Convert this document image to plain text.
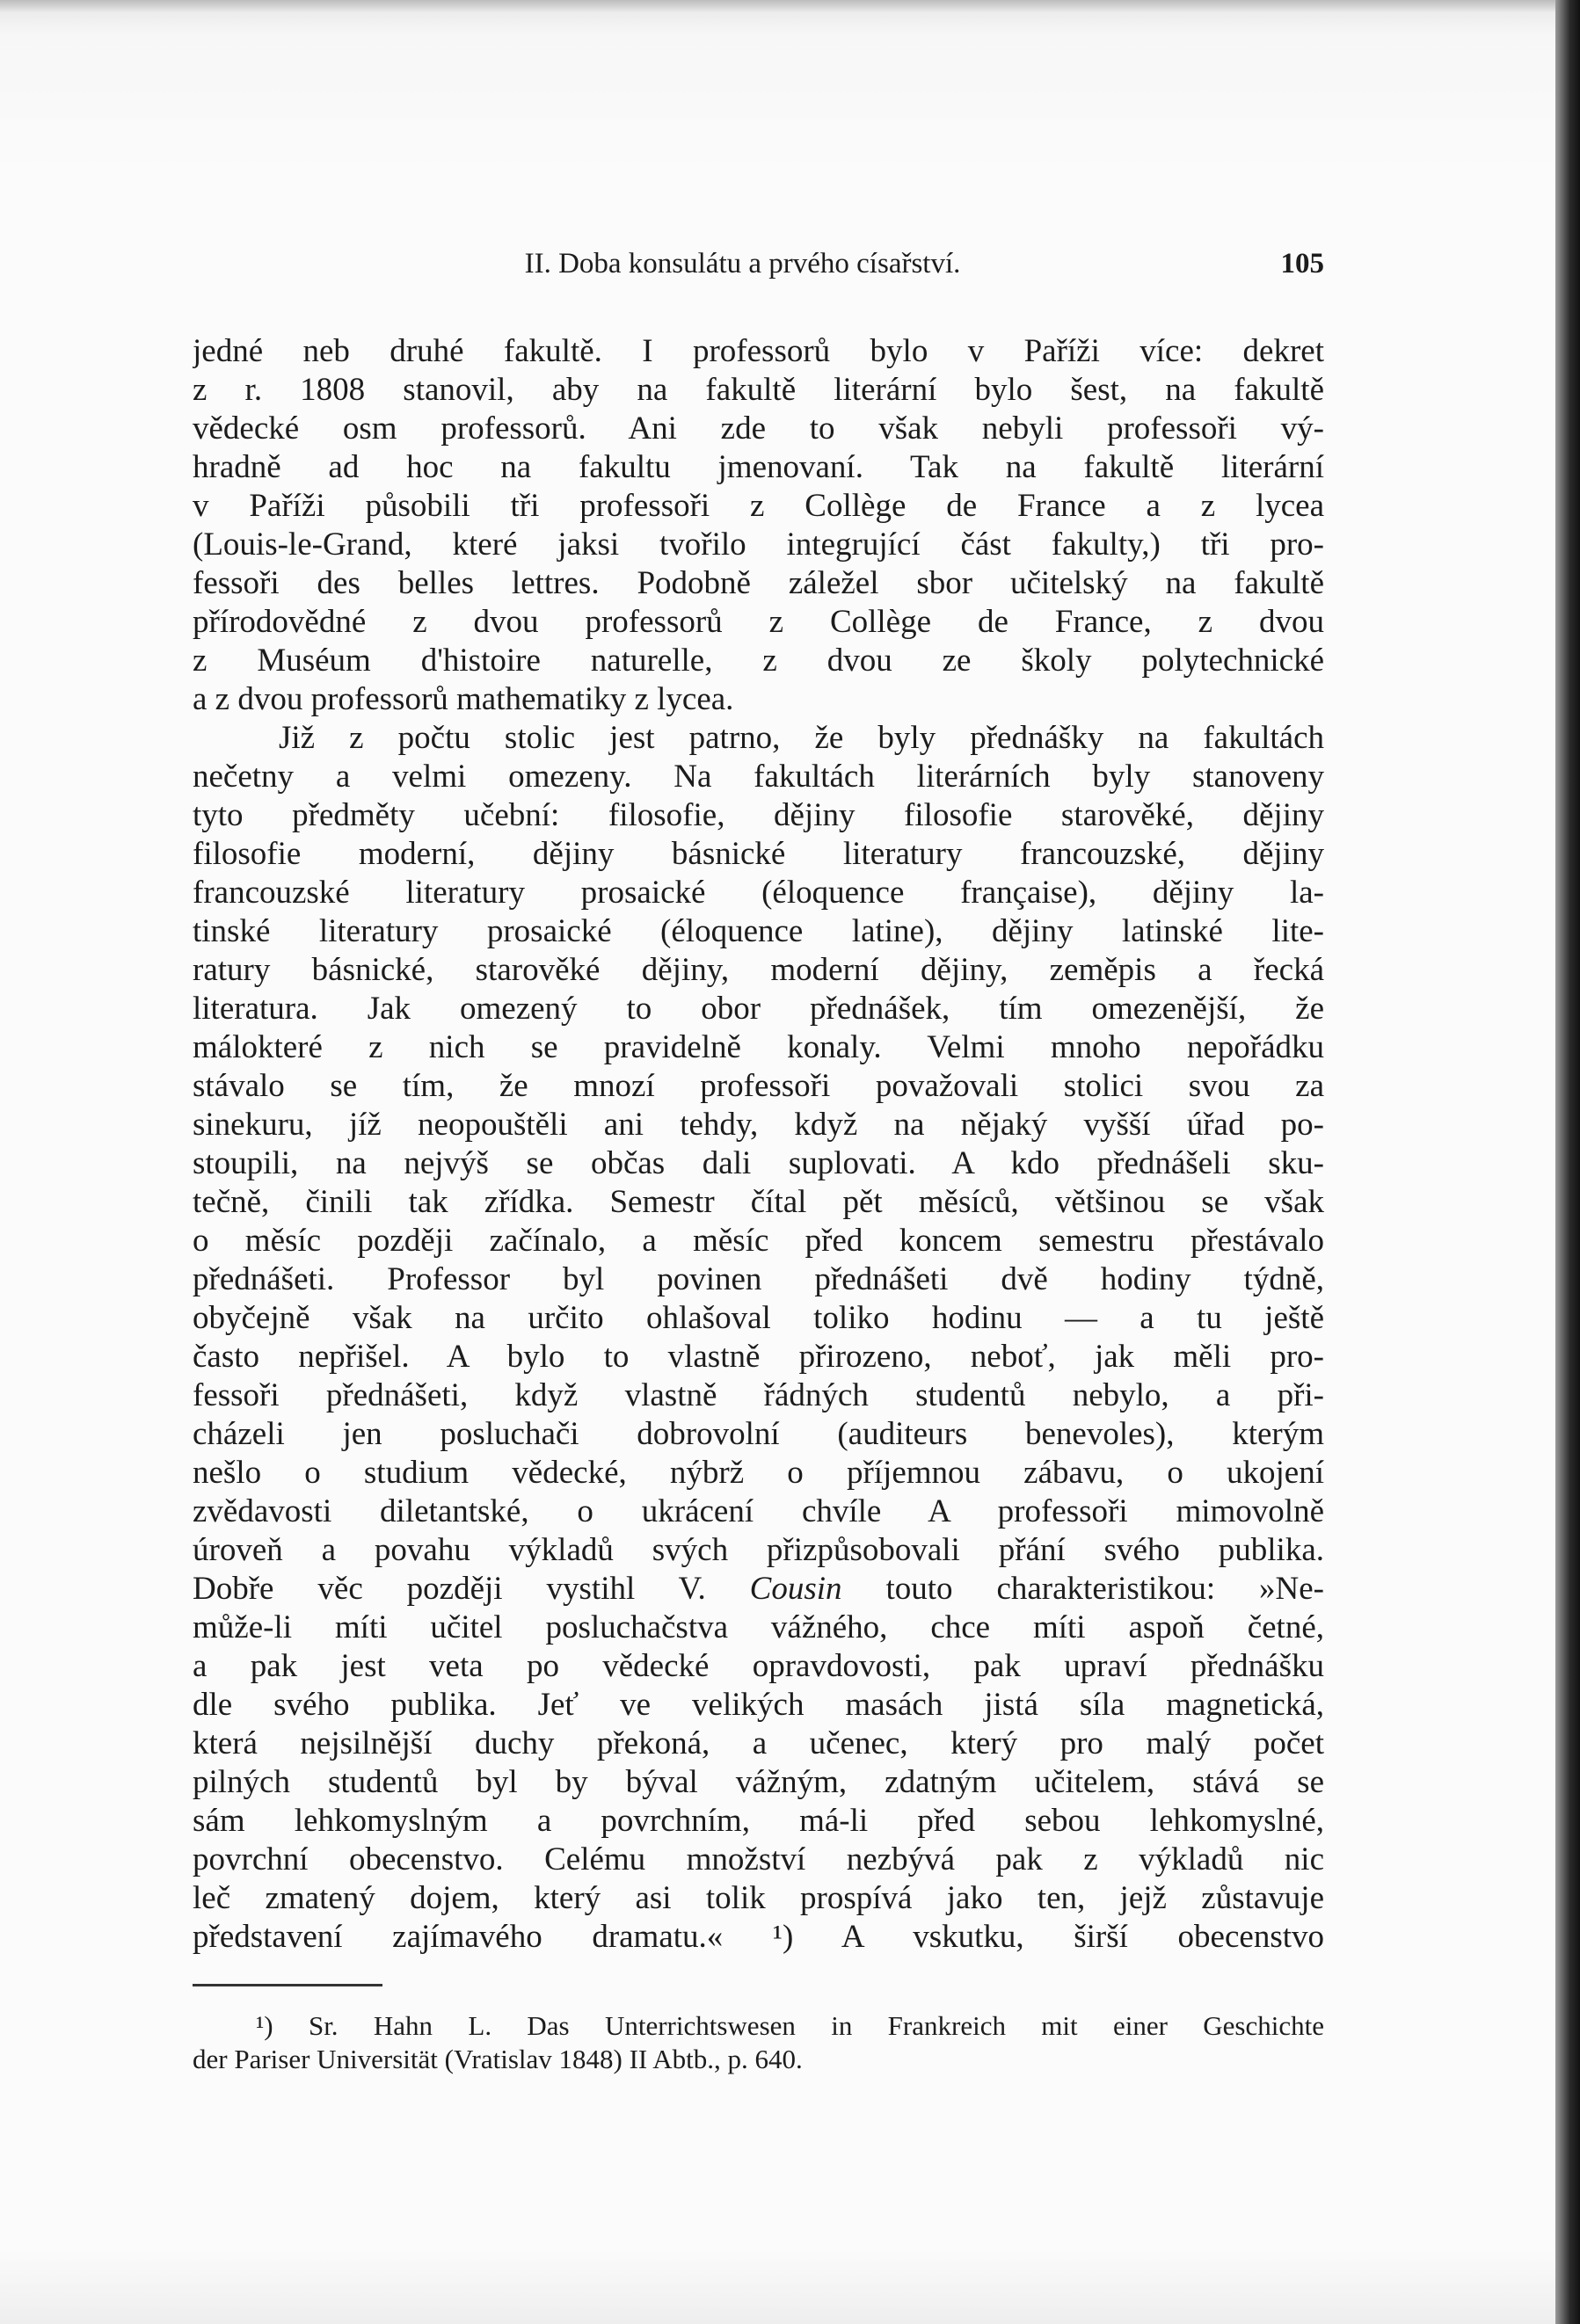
II. Doba konsulátu a prvého císařství.	105
jedné neb druhé fakultě. I professorů bylo v Paříži více: dekret
z r. 1808 stanovil, aby na fakultě literární bylo šest, na fakultě
vědecké osm professorů. Ani zde to však nebyli professoři vý-
hradně ad hoc na fakultu jmenovaní. Tak na fakultě literární
v Paříži působili tři professoři z Collège de France a z lycea
(Louis-le-Grand, které jaksi tvořilo integrující část fakulty,) tři pro-
fessoři des belles lettres. Podobně záležel sbor učitelský na fakultě
přírodovědné z dvou professorů z Collège de France, z dvou
z Muséum d'histoire naturelle, z dvou ze školy polytechnické
a z dvou professorů mathematiky z lycea.
Již z počtu stolic jest patrno, že byly přednášky na fakultách
nečetny a velmi omezeny. Na fakultách literárních byly stanoveny
tyto předměty učební: filosofie, dějiny filosofie starověké, dějiny
filosofie moderní, dějiny básnické literatury francouzské, dějiny
francouzské literatury prosaické (éloquence française), dějiny la-
tinské literatury prosaické (éloquence latine), dějiny latinské lite-
ratury básnické, starověké dějiny, moderní dějiny, zeměpis a řecká
literatura. Jak omezený to obor přednášek, tím omezenější, že
málokteré z nich se pravidelně konaly. Velmi mnoho nepořádku
stávalo se tím, že mnozí professoři považovali stolici svou za
sinekuru, jíž neopouštěli ani tehdy, když na nějaký vyšší úřad po-
stoupili, na nejvýš se občas dali suplovati. A kdo přednášeli sku-
tečně, činili tak zřídka. Semestr čítal pět měsíců, většinou se však
o měsíc později začínalo, a měsíc před koncem semestru přestávalo
přednášeti. Professor byl povinen přednášeti dvě hodiny týdně,
obyčejně však na určito ohlašoval toliko hodinu — a tu ještě
často nepřišel. A bylo to vlastně přirozeno, neboť, jak měli pro-
fessoři přednášeti, když vlastně řádných studentů nebylo, a při-
cházeli jen posluchači dobrovolní (auditeurs benevoles), kterým
nešlo o studium vědecké, nýbrž o příjemnou zábavu, o ukojení
zvědavosti diletantské, o ukrácení chvíle A professoři mimovolně
úroveň a povahu výkladů svých přizpůsobovali přání svého publika.
Dobře věc později vystihl V. Cousin touto charakteristikou: »Ne-
může-li míti učitel posluchačstva vážného, chce míti aspoň četné,
a pak jest veta po vědecké opravdovosti, pak upraví přednášku
dle svého publika. Jeť ve velikých masách jistá síla magnetická,
která nejsilnější duchy překoná, a učenec, který pro malý počet
pilných studentů byl by býval vážným, zdatným učitelem, stává se
sám lehkomyslným a povrchním, má-li před sebou lehkomyslné,
povrchní obecenstvo. Celému množství nezbývá pak z výkladů nic
leč zmatený dojem, který asi tolik prospívá jako ten, jejž zůstavuje
představení zajímavého dramatu.« ¹) A vskutku, širší obecenstvo
¹) Sr. Hahn L. Das Unterrichtswesen in Frankreich mit einer Geschichte
der Pariser Universität (Vratislav 1848) II Abtb., p. 640.
